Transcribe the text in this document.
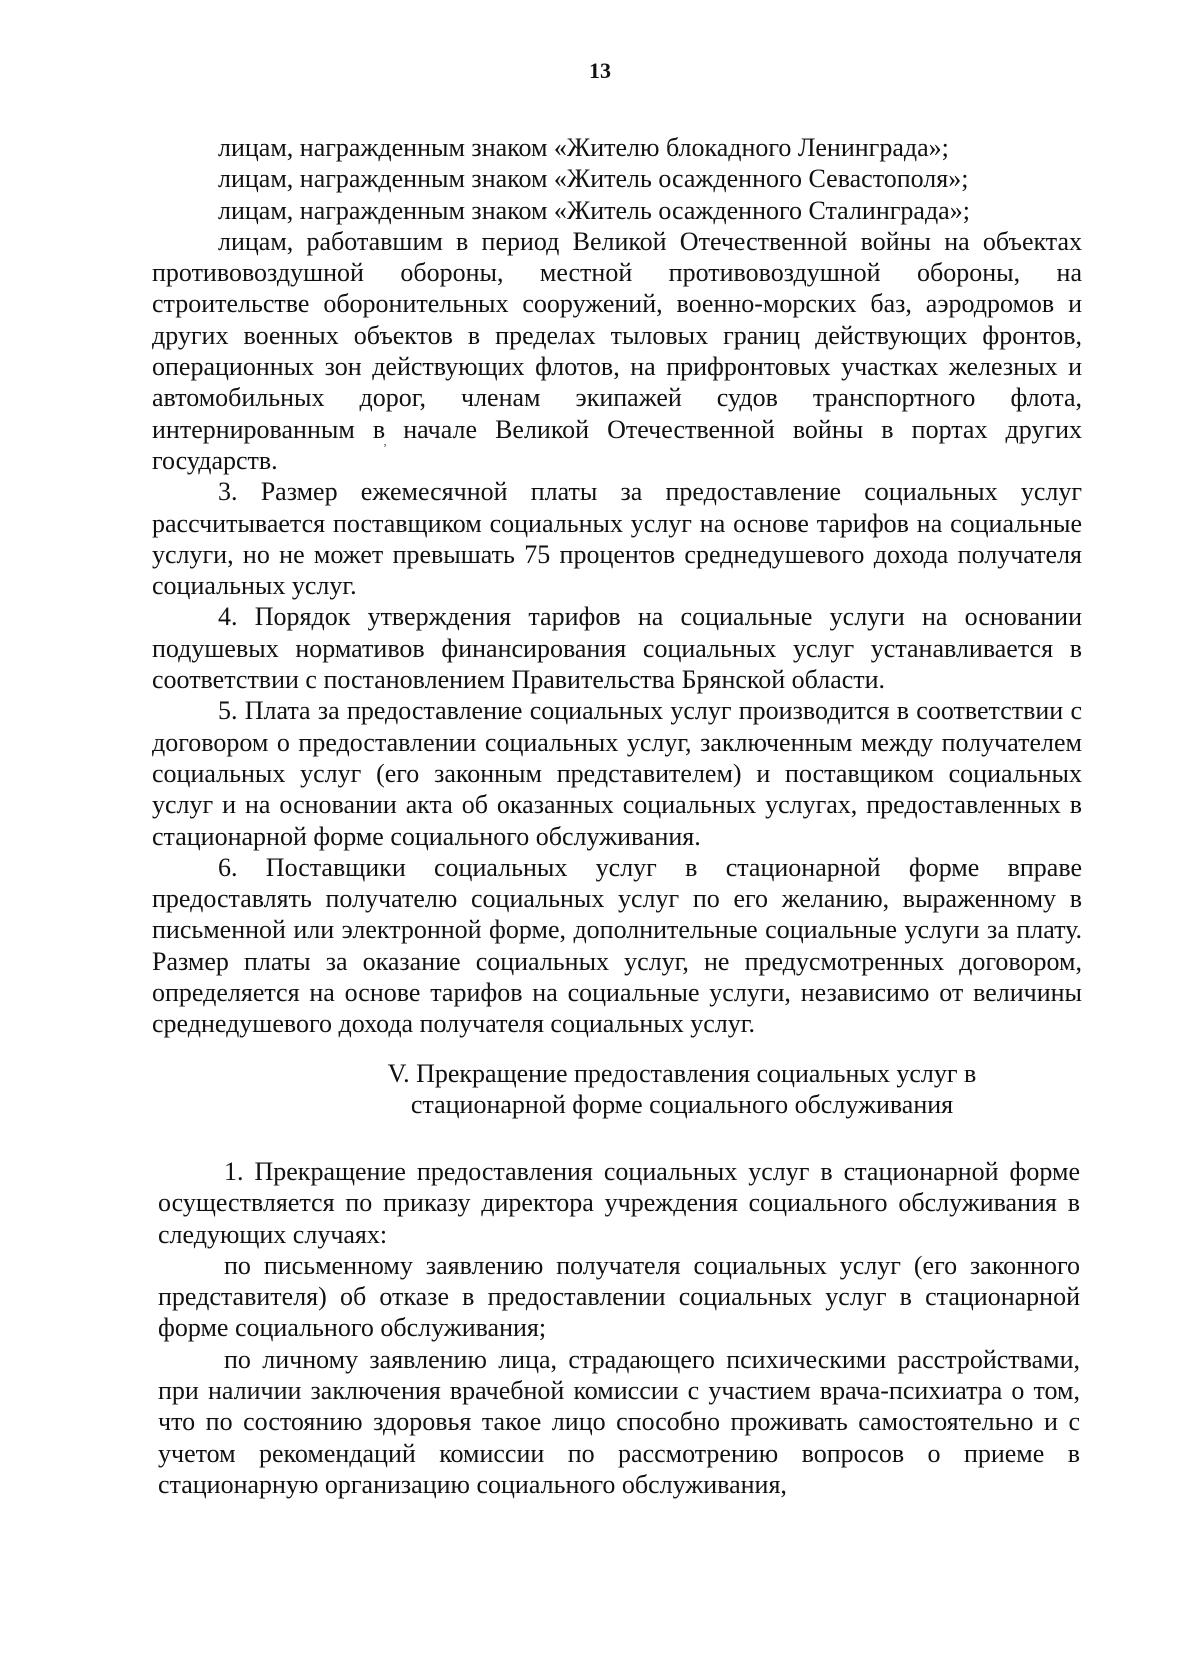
13

лицам, награжденным знаком «Жителю блокадного Ленинграда»;

лицам, награжденным знаком «Житель осажденного Севастополя»;

лицам, награжденным знаком «Житель осажденного Сталинграда»;

лицам, работавшим в период Великой Отечественной войны на объектах противовоздушной обороны, местной противовоздушной обороны, на строительстве оборонительных сооружений, военно-морских баз, аэродромов и других военных объектов в пределах тыловых границ действующих фронтов, операционных зон действующих флотов, на прифронтовых участках железных и автомобильных дорог, членам экипажей судов транспортного флота, интернированным в начале Великой Отечественной войны в портах других государств.

3. Размер ежемесячной платы за предоставление социальных услуг рассчитывается поставщиком социальных услуг на основе тарифов на социальные услуги, но не может превышать 75 процентов среднедушевого дохода получателя социальных услуг.

4. Порядок утверждения тарифов на социальные услуги на основании подушевых нормативов финансирования социальных услуг устанавливается в соответствии с постановлением Правительства Брянской области.

5. Плата за предоставление социальных услуг производится в соответствии с договором о предоставлении социальных услуг, заключенным между получателем социальных услуг (его законным представителем) и поставщиком социальных услуг и на основании акта об оказанных социальных услугах, предоставленных в стационарной форме социального обслуживания.

6. Поставщики социальных услуг в стационарной форме вправе предоставлять получателю социальных услуг по его желанию, выраженному в письменной или электронной форме, дополнительные социальные услуги за плату. Размер платы за оказание социальных услуг, не предусмотренных договором, определяется на основе тарифов на социальные услуги, независимо от величины среднедушевого дохода получателя социальных услуг.

ʼ
V. Прекращение предоставления социальных услуг в
стационарной форме социального обслуживания

1. Прекращение предоставления социальных услуг в стационарной форме осуществляется по приказу директора учреждения социального обслуживания в следующих случаях:

по письменному заявлению получателя социальных услуг (его законного представителя) об отказе в предоставлении социальных услуг в стационарной форме социального обслуживания;

по личному заявлению лица, страдающего психическими расстройствами, при наличии заключения врачебной комиссии с участием врача-психиатра о том, что по состоянию здоровья такое лицо способно проживать самостоятельно и с учетом рекомендаций комиссии по рассмотрению вопросов о приеме в стационарную организацию социального обслуживания,
